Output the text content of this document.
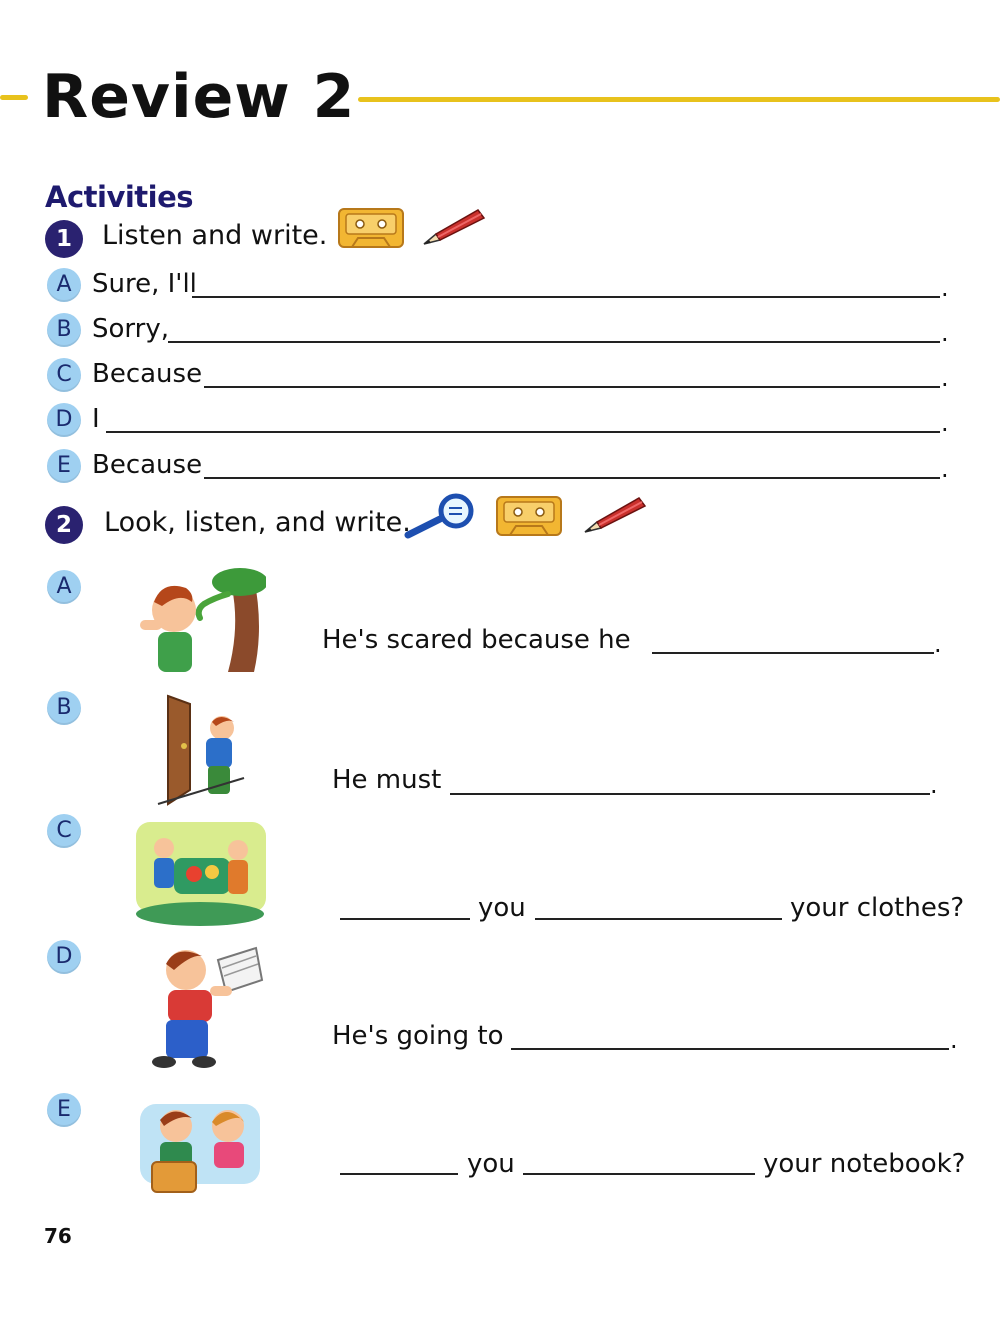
Review 2
Activities
1	Listen and write.
A Sure, I'll	.
B Sorry,	.
C Because	.
D I	.
E Because	.
2	Look, listen, and write.
A
He's scared because he	.
B
He must	.
C
you	your clothes?
D
He's going to	.
E
you	your notebook?
76
